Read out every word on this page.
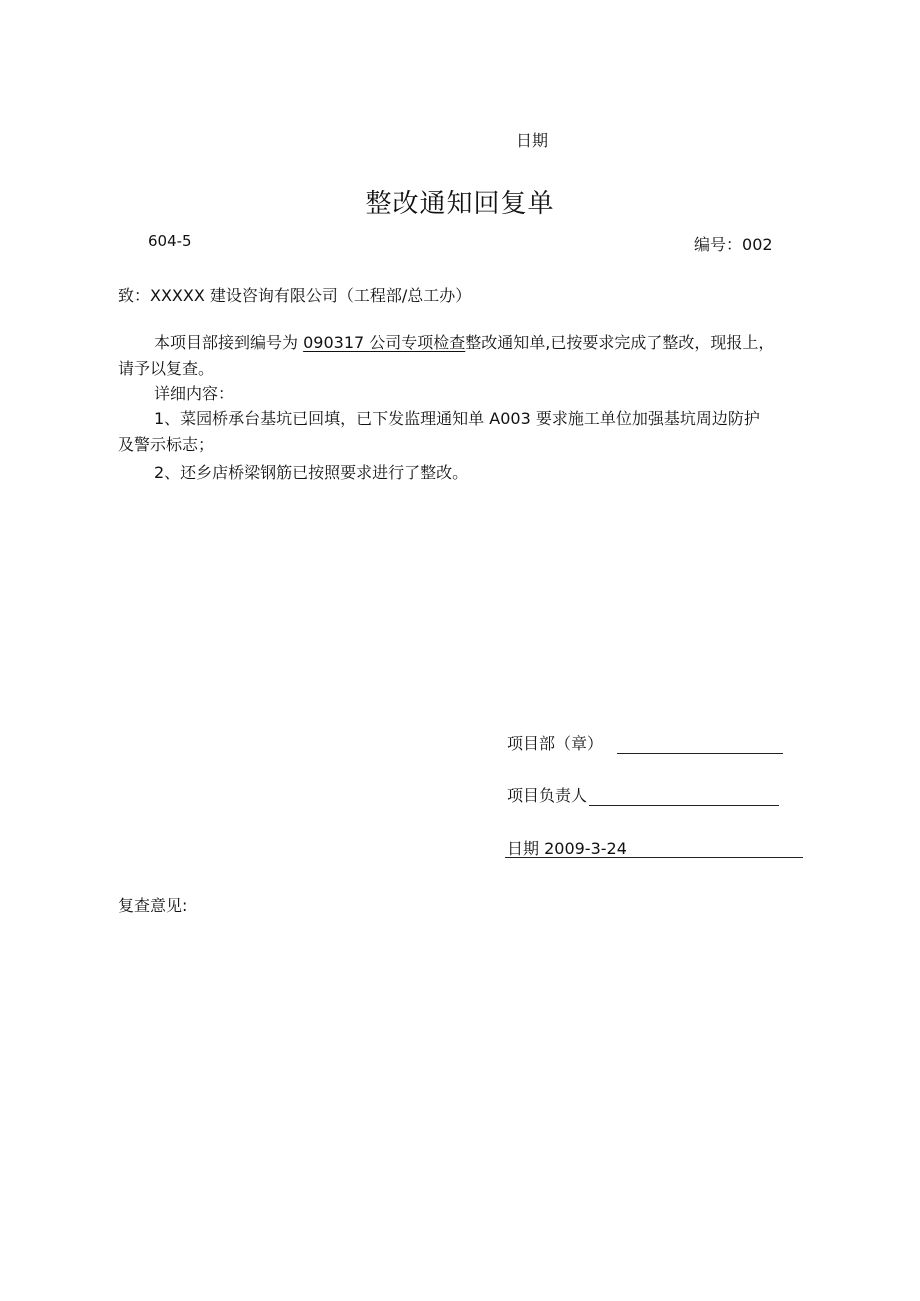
日期
整改通知回复单
604-5	编号：002
致：XXXXX 建设咨询有限公司（工程部/总工办）
本项目部接到编号为 090317 公司专项检查整改通知单,已按要求完成了整改，现报上，
请予以复查。
详细内容：
1、菜园桥承台基坑已回填，已下发监理通知单 A003 要求施工单位加强基坑周边防护
及警示标志；
2、还乡店桥梁钢筋已按照要求进行了整改。
项目部（章）
项目负责人
日期 2009-3-24
复查意见:
